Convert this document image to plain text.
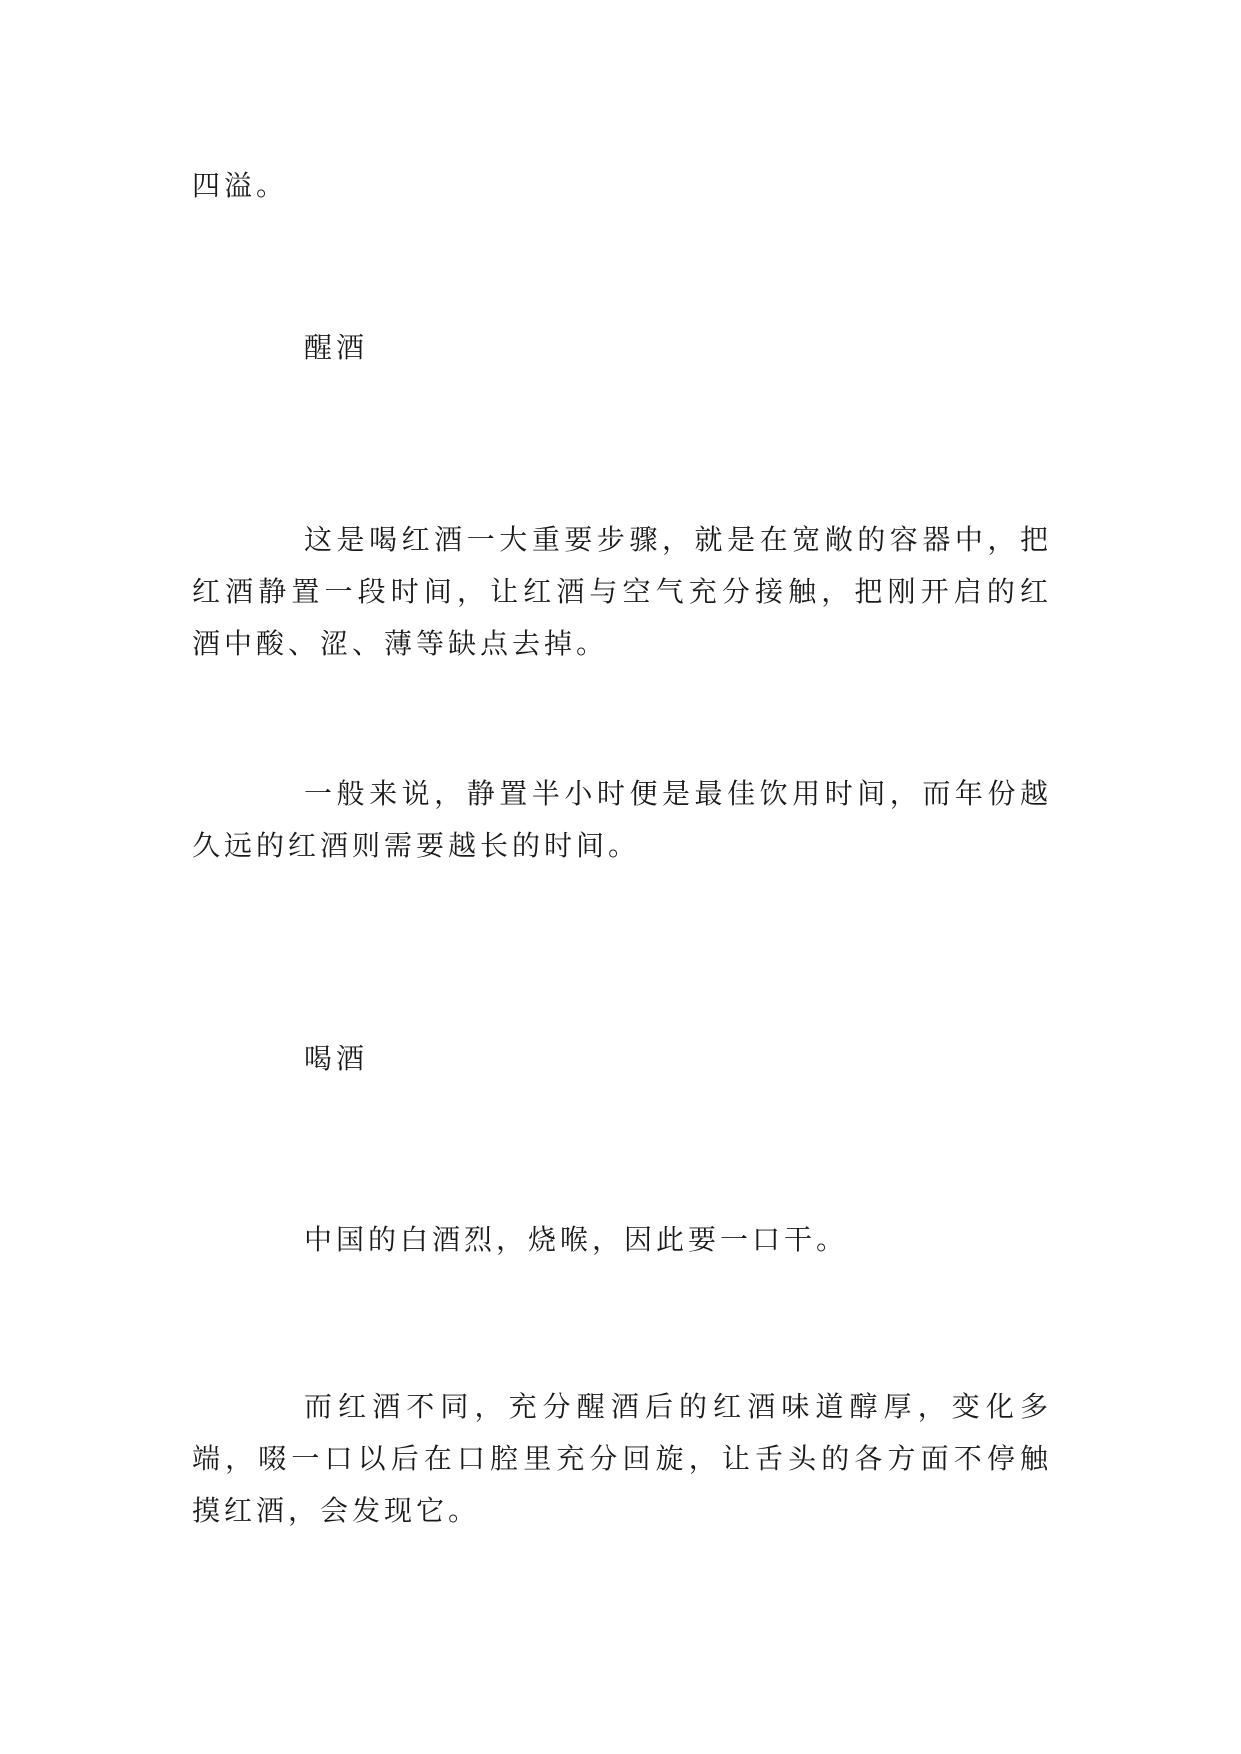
四溢。
醒酒
这是喝红酒一大重要步骤，就是在宽敞的容器中，把红酒静置一段时间，让红酒与空气充分接触，把刚开启的红酒中酸、涩、薄等缺点去掉。
一般来说，静置半小时便是最佳饮用时间，而年份越久远的红酒则需要越长的时间。
喝酒
中国的白酒烈，烧喉，因此要一口干。
而红酒不同，充分醒酒后的红酒味道醇厚，变化多端，啜一口以后在口腔里充分回旋，让舌头的各方面不停触摸红酒，会发现它。
